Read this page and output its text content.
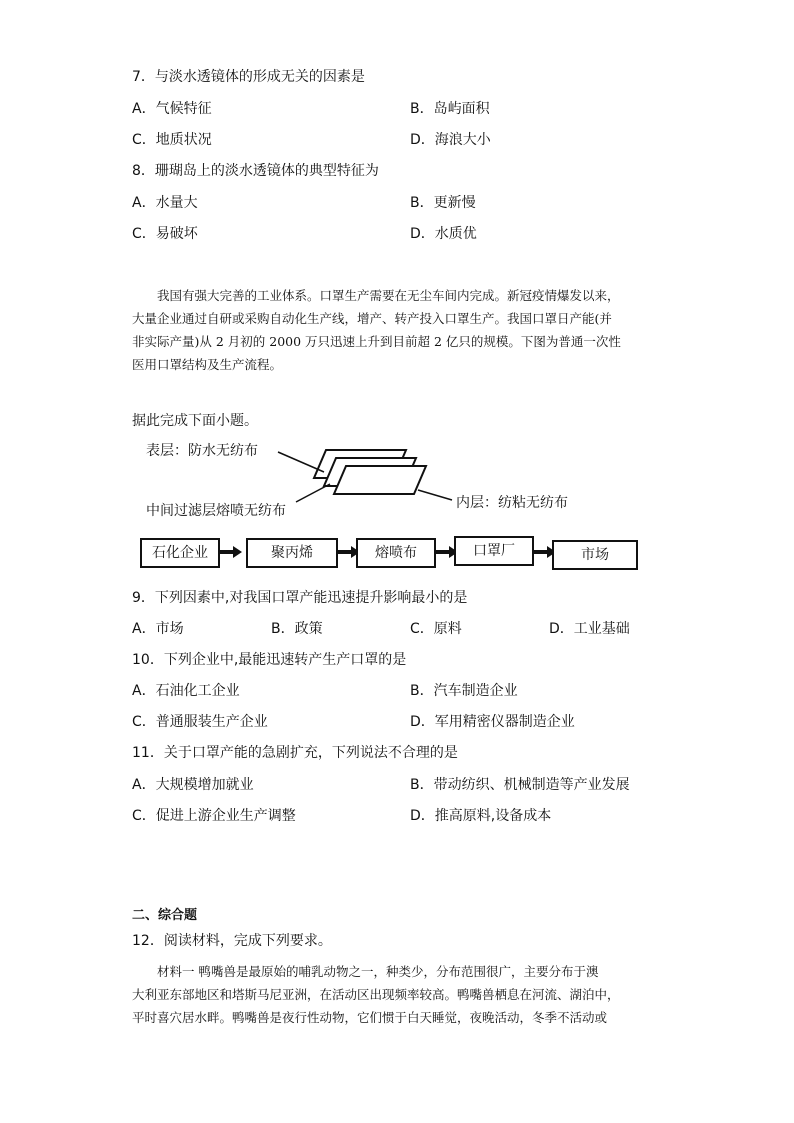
7．与淡水透镜体的形成无关的因素是
A．气候特征	B．岛屿面积
C．地质状况	D．海浪大小
8．珊瑚岛上的淡水透镜体的典型特征为
A．水量大	B．更新慢
C．易破坏	D．水质优

我国有强大完善的工业体系。口罩生产需要在无尘车间内完成。新冠疫情爆发以来，

大量企业通过自研或采购自动化生产线，增产、转产投入口罩生产。我国口罩日产能(并

非实际产量)从 2 月初的 2000 万只迅速上升到目前超 2 亿只的规模。下图为普通一次性

医用口罩结构及生产流程。

据此完成下面小题。
表层：防水无纺布
中间过滤层熔喷无纺布	内层：纺粘无纺布
石化企业	聚丙烯	熔喷布	口罩厂	市场
9．下列因素中,对我国口罩产能迅速提升影响最小的是
A．市场	B．政策	C．原料	D．工业基础
10．下列企业中,最能迅速转产生产口罩的是
A．石油化工企业	B．汽车制造企业
C．普通服装生产企业	D．军用精密仪器制造企业
11．关于口罩产能的急剧扩充，下列说法不合理的是
A．大规模增加就业	B．带动纺织、机械制造等产业发展
C．促进上游企业生产调整	D．推高原料,设备成本
二、综合题
12．阅读材料，完成下列要求。

材料一 鸭嘴兽是最原始的哺乳动物之一，种类少，分布范围很广，主要分布于澳

大利亚东部地区和塔斯马尼亚洲，在活动区出现频率较高。鸭嘴兽栖息在河流、湖泊中，

平时喜穴居水畔。鸭嘴兽是夜行性动物，它们惯于白天睡觉，夜晚活动，冬季不活动或
